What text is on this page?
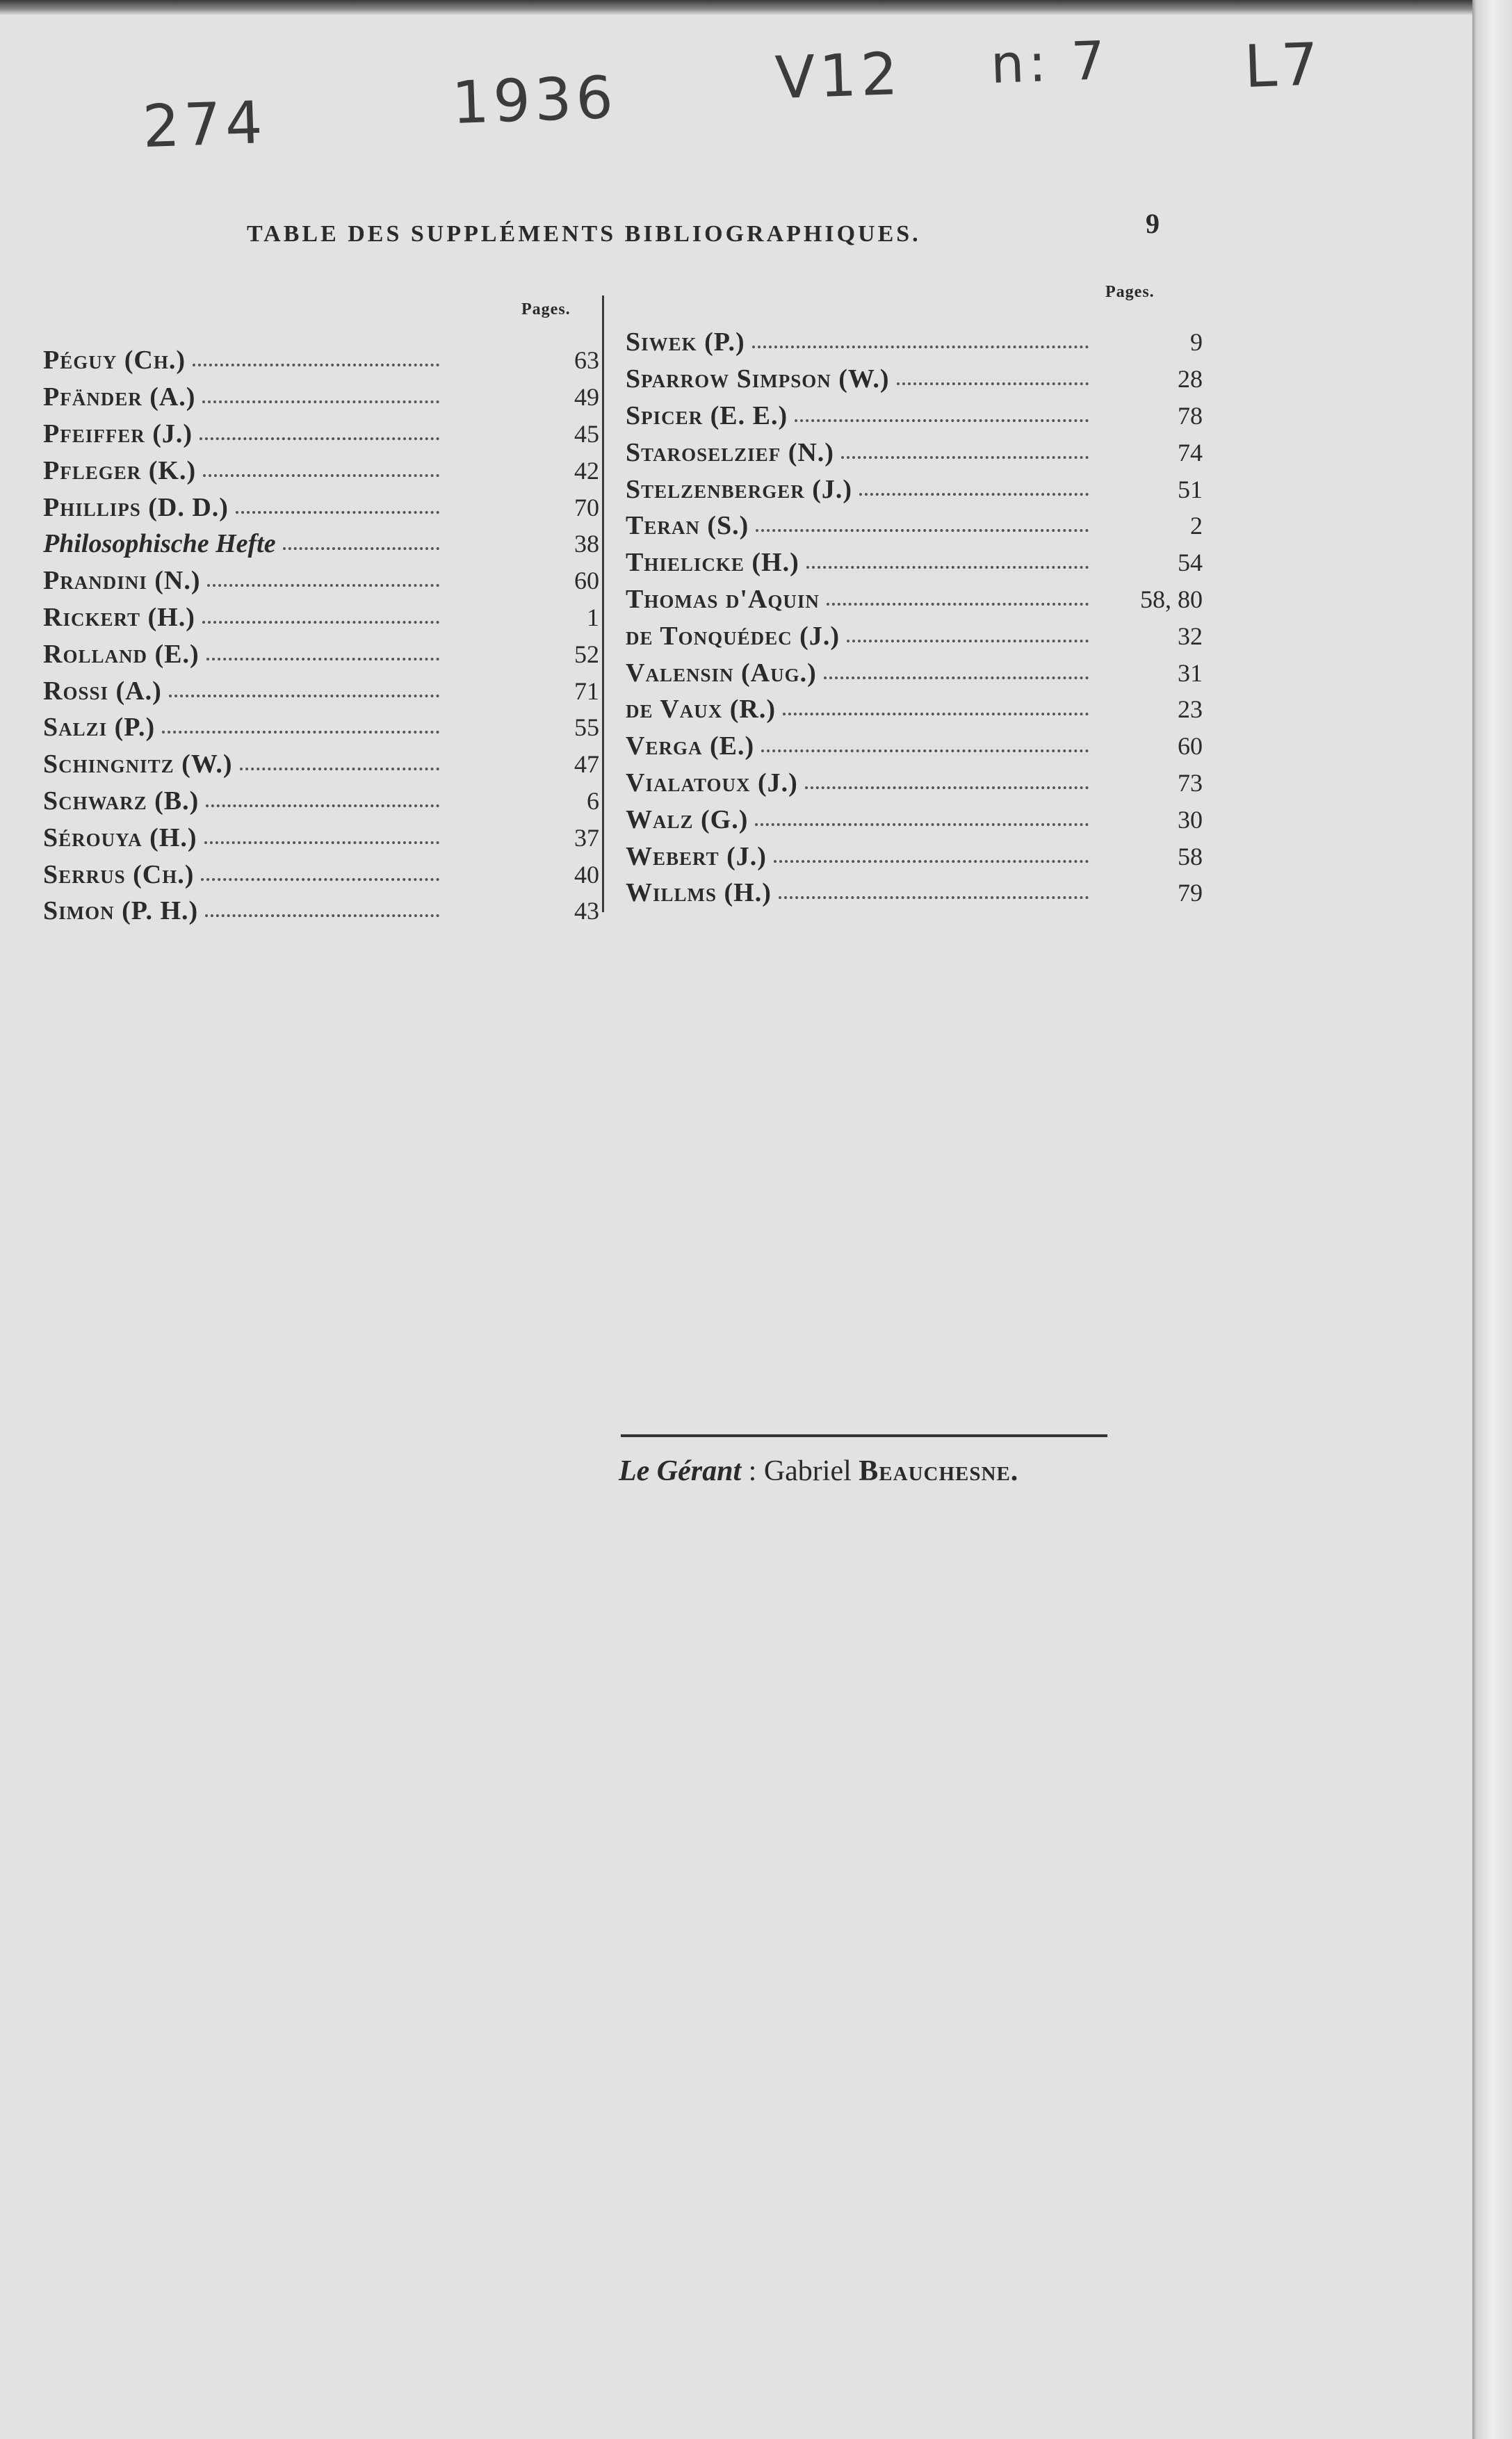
274	1936	V12 n: 7 L7
TABLE DES SUPPLÉMENTS BIBLIOGRAPHIQUES.	9
Pages.
Pages.
Péguy (Ch.)	63
Pfänder (A.)	49
Pfeiffer (J.)	45
Pfleger (K.)	42
Phillips (D. D.)	70
Philosophische Hefte	38
Prandini (N.)	60
Rickert (H.)	1
Rolland (E.)	52
Rossi (A.)	71
Salzi (P.)	55
Schingnitz (W.)	47
Schwarz (B.)	6
Sérouya (H.)	37
Serrus (Ch.)	40
Simon (P. H.)	43
Siwek (P.)	9
Sparrow Simpson (W.)	28
Spicer (E. E.)	78
Staroselzief (N.)	74
Stelzenberger (J.)	51
Teran (S.)	2
Thielicke (H.)	54
Thomas d'Aquin	58, 80
de Tonquédec (J.)	32
Valensin (Aug.)	31
de Vaux (R.)	23
Verga (E.)	60
Vialatoux (J.)	73
Walz (G.)	30
Webert (J.)	58
Willms (H.)	79
Le Gérant : Gabriel Beauchesne.
